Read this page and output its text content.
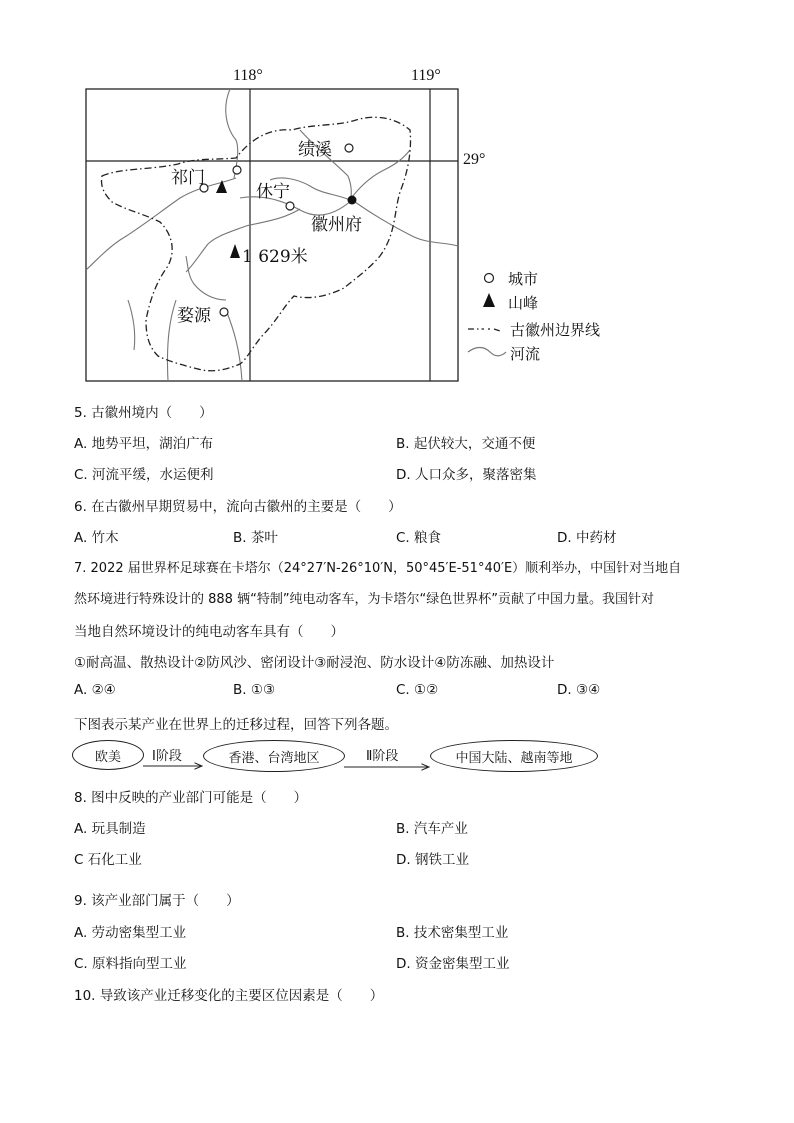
118°	119°
29°
绩溪
祁门
休宁
徽州府
婺源
1 629米
城市
山峰
古徽州边界线
河流
5. 古徽州境内（　　）
A. 地势平坦，湖泊广布	B. 起伏较大，交通不便
C. 河流平缓，水运便利	D. 人口众多，聚落密集
6. 在古徽州早期贸易中，流向古徽州的主要是（　　）
A. 竹木	B. 茶叶	C. 粮食	D. 中药材
7. 2022 届世界杯足球赛在卡塔尔（24°27′N-26°10′N，50°45′E-51°40′E）顺利举办，中国针对当地自
然环境进行特殊设计的 888 辆“特制”纯电动客车，为卡塔尔“绿色世界杯”贡献了中国力量。我国针对
当地自然环境设计的纯电动客车具有（　　）
①耐高温、散热设计②防风沙、密闭设计③耐浸泡、防水设计④防冻融、加热设计
A. ②④	B. ①③	C. ①②	D. ③④
下图表示某产业在世界上的迁移过程，回答下列各题。
欧美	香港、台湾地区	中国大陆、越南等地
Ⅰ阶段	Ⅱ阶段
8. 图中反映的产业部门可能是（　　）
A. 玩具制造	B. 汽车产业
C 石化工业	D. 钢铁工业
9. 该产业部门属于（　　）
A. 劳动密集型工业	B. 技术密集型工业
C. 原料指向型工业	D. 资金密集型工业
10. 导致该产业迁移变化的主要区位因素是（　　）
